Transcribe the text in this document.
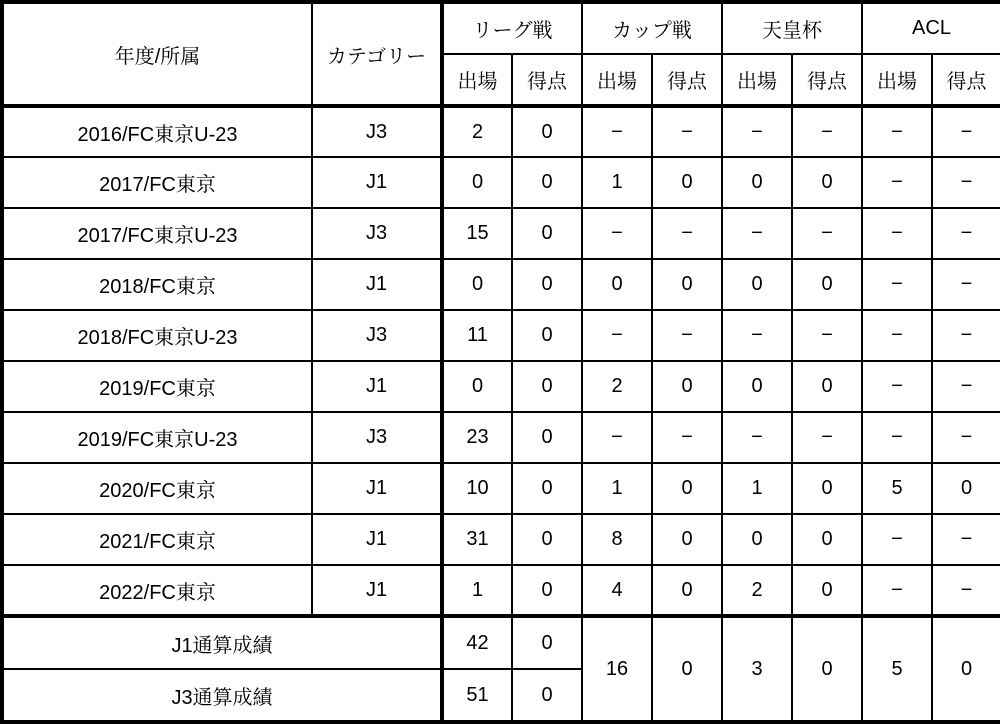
年度/所属	カテゴリー	リーグ戦		カップ戦		天皇杯		ACL	
		出場	得点	出場	得点	出場	得点	出場	得点
2016/FC東京U-23	J3	2	0	−	−	−	−	−	−
2017/FC東京	J1	0	0	1	0	0	0	−	−
2017/FC東京U-23	J3	15	0	−	−	−	−	−	−
2018/FC東京	J1	0	0	0	0	0	0	−	−
2018/FC東京U-23	J3	11	0	−	−	−	−	−	−
2019/FC東京	J1	0	0	2	0	0	0	−	−
2019/FC東京U-23	J3	23	0	−	−	−	−	−	−
2020/FC東京	J1	10	0	1	0	1	0	5	0
2021/FC東京	J1	31	0	8	0	0	0	−	−
2022/FC東京	J1	1	0	4	0	2	0	−	−
J1通算成績		42	0	16	0	3	0	5	0
J3通算成績		51	0						
